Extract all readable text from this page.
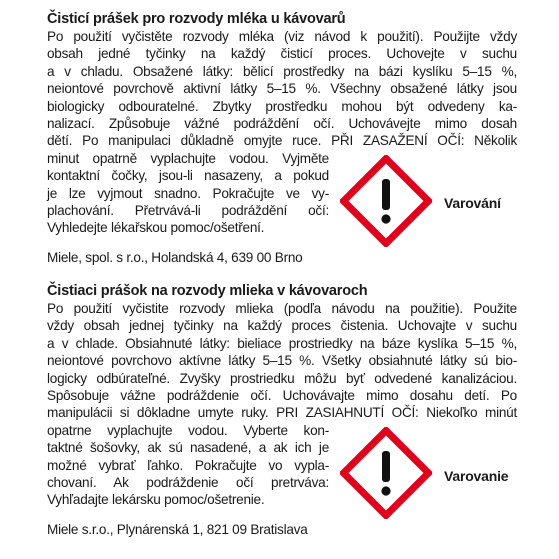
Čisticí prášek pro rozvody mléka u kávovarů
Po použití vyčistěte rozvody mléka (viz návod k použití). Použijte vždy
obsah jedné tyčinky na každý čisticí proces. Uchovejte v suchu
a v chladu. Obsažené látky: bělicí prostředky na bázi kyslíku 5–15 %,
neiontové povrchově aktivní látky 5–15 %. Všechny obsažené látky jsou
biologicky odbouratelné. Zbytky prostředku mohou být odvedeny ka-
nalizací. Způsobuje vážné podráždění očí. Uchovávejte mimo dosah
dětí. Po manipulaci důkladně omyjte ruce. PŘI ZASAŽENÍ OČÍ: Několik
minut opatrně vyplachujte vodou. Vyjměte
kontaktní čočky, jsou-li nasazeny, a pokud
je lze vyjmout snadno. Pokračujte ve vy-
plachování. Přetrvává-li podráždění očí:
Vyhledejte lékařskou pomoc/ošetření.
Miele, spol. s r.o., Holandská 4, 639 00 Brno
Varování
Čistiaci prášok na rozvody mlieka v kávovaroch
Po použití vyčistite rozvody mlieka (podľa návodu na použitie). Použite
vždy obsah jednej tyčinky na každý proces čistenia. Uchovajte v suchu
a v chlade. Obsiahnuté látky: bieliace prostriedky na báze kyslíka 5–15 %,
neiontové povrchovo aktívne látky 5–15 %. Všetky obsiahnuté látky sú bio-
logicky odbúrateľné. Zvyšky prostriedku môžu byť odvedené kanalizáciou.
Spôsobuje vážne podráždenie očí. Uchovávajte mimo dosahu detí. Po
manipulácii si dôkladne umyte ruky. PRI ZASIAHNUTÍ OČÍ: Niekoľko minút
opatrne vyplachujte vodou. Vyberte kon-
taktné šošovky, ak sú nasadené, a ak ich je
možné vybrať ľahko. Pokračujte vo vypla-
chovaní. Ak podráždenie očí pretrváva:
Vyhľadajte lekársku pomoc/ošetrenie.
Miele s.r.o., Plynárenská 1, 821 09 Bratislava
Varovanie
